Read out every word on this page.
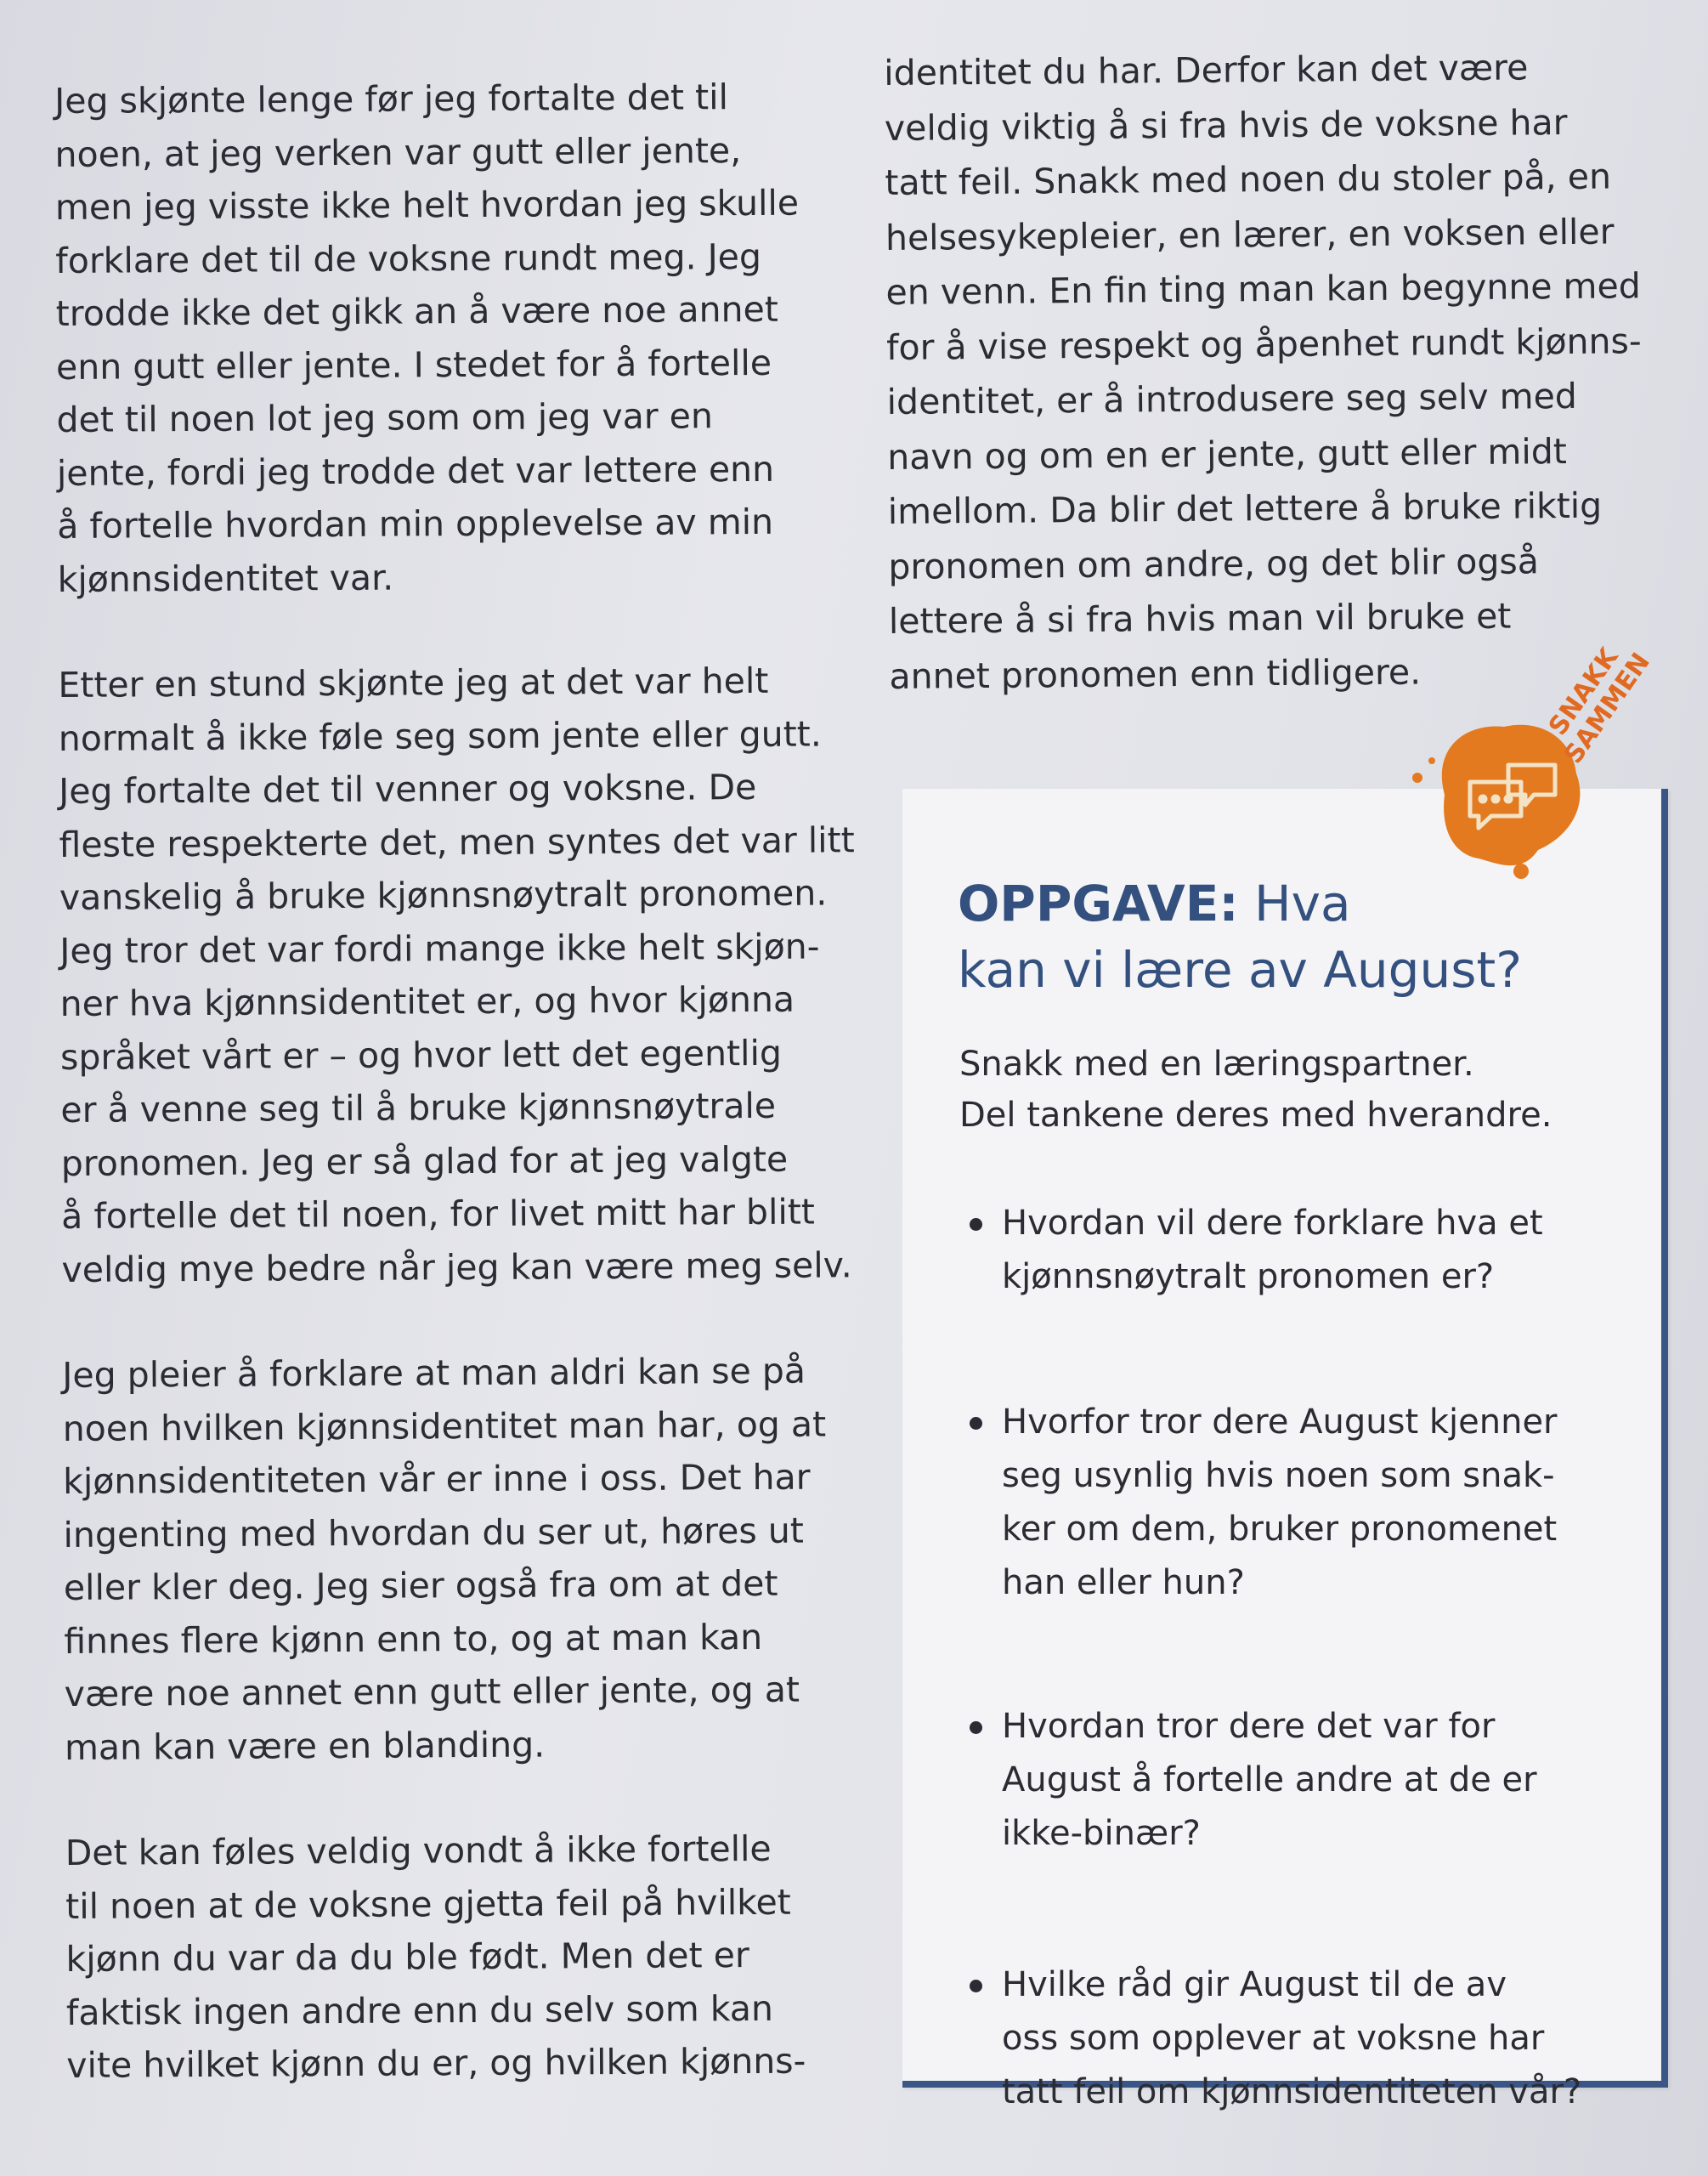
Jeg skjønte lenge før jeg fortalte det til
noen, at jeg verken var gutt eller jente,
men jeg visste ikke helt hvordan jeg skulle
forklare det til de voksne rundt meg. Jeg
trodde ikke det gikk an å være noe annet
enn gutt eller jente. I stedet for å fortelle
det til noen lot jeg som om jeg var en
jente, fordi jeg trodde det var lettere enn
å fortelle hvordan min opplevelse av min
kjønnsidentitet var.

Etter en stund skjønte jeg at det var helt
normalt å ikke føle seg som jente eller gutt.
Jeg fortalte det til venner og voksne. De
fleste respekterte det, men syntes det var litt
vanskelig å bruke kjønnsnøytralt pronomen.
Jeg tror det var fordi mange ikke helt skjøn-
ner hva kjønnsidentitet er, og hvor kjønna
språket vårt er – og hvor lett det egentlig
er å venne seg til å bruke kjønnsnøytrale
pronomen. Jeg er så glad for at jeg valgte
å fortelle det til noen, for livet mitt har blitt
veldig mye bedre når jeg kan være meg selv.

Jeg pleier å forklare at man aldri kan se på
noen hvilken kjønnsidentitet man har, og at
kjønnsidentiteten vår er inne i oss. Det har
ingenting med hvordan du ser ut, høres ut
eller kler deg. Jeg sier også fra om at det
finnes flere kjønn enn to, og at man kan
være noe annet enn gutt eller jente, og at
man kan være en blanding.

Det kan føles veldig vondt å ikke fortelle
til noen at de voksne gjetta feil på hvilket
kjønn du var da du ble født. Men det er
faktisk ingen andre enn du selv som kan
vite hvilket kjønn du er, og hvilken kjønns-

identitet du har. Derfor kan det være
veldig viktig å si fra hvis de voksne har
tatt feil. Snakk med noen du stoler på, en
helsesykepleier, en lærer, en voksen eller
en venn. En fin ting man kan begynne med
for å vise respekt og åpenhet rundt kjønns-
identitet, er å introdusere seg selv med
navn og om en er jente, gutt eller midt
imellom. Da blir det lettere å bruke riktig
pronomen om andre, og det blir også
lettere å si fra hvis man vil bruke et
annet pronomen enn tidligere.

OPPGAVE: Hva
kan vi lære av August?
Snakk med en læringspartner.
Del tankene deres med hverandre.
Hvordan vil dere forklare hva et
kjønnsnøytralt pronomen er?
Hvorfor tror dere August kjenner
seg usynlig hvis noen som snak-
ker om dem, bruker pronomenet
han eller hun?
Hvordan tror dere det var for
August å fortelle andre at de er
ikke-binær?
Hvilke råd gir August til de av
oss som opplever at voksne har
tatt feil om kjønnsidentiteten vår?
SNAKK
SAMMEN
